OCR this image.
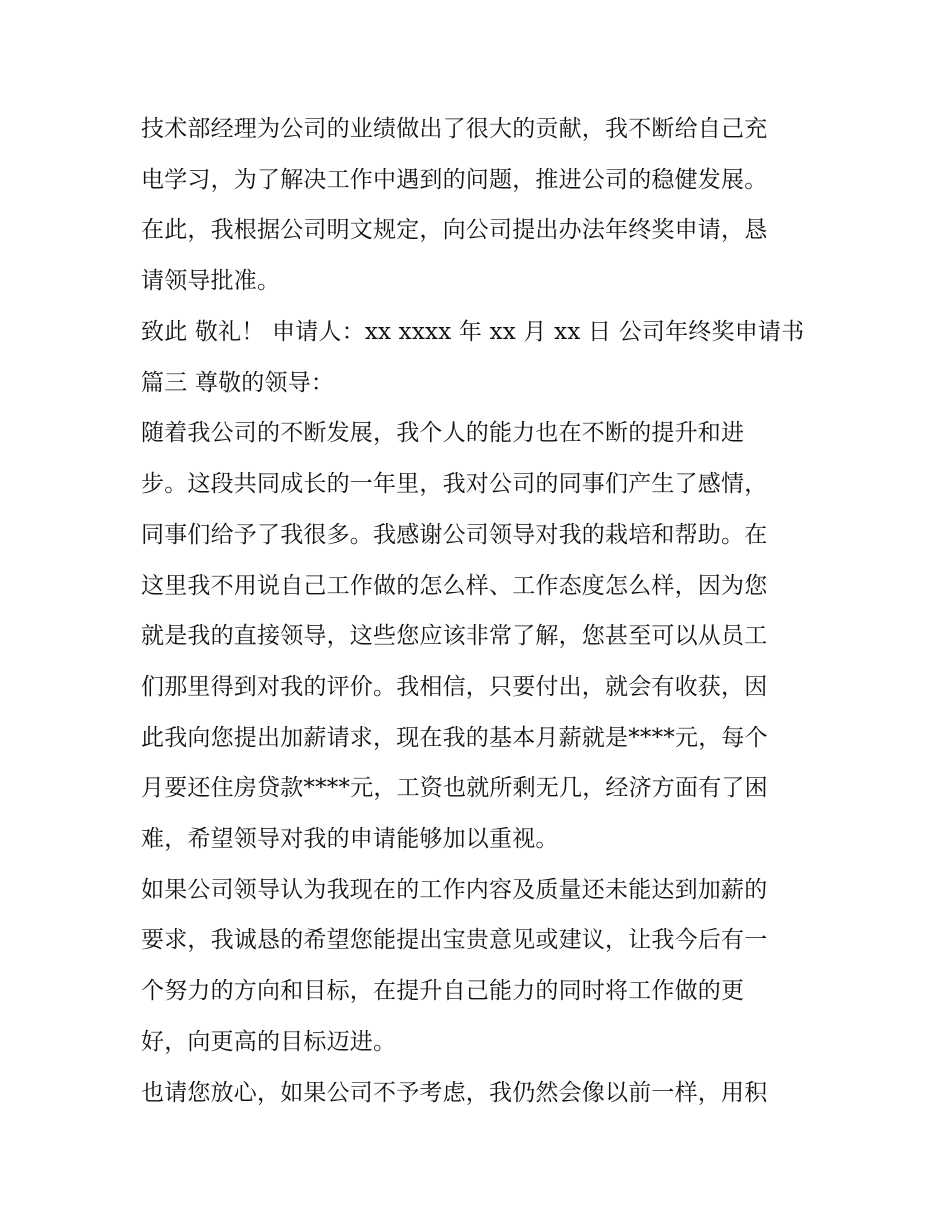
技术部经理为公司的业绩做出了很大的贡献，我不断给自己充
电学习，为了解决工作中遇到的问题，推进公司的稳健发展。
在此，我根据公司明文规定，向公司提出办法年终奖申请，恳
请领导批准。
致此 敬礼！ 申请人：xx xxxx 年 xx 月 xx 日 公司年终奖申请书
篇三 尊敬的领导：
随着我公司的不断发展，我个人的能力也在不断的提升和进
步。这段共同成长的一年里，我对公司的同事们产生了感情，
同事们给予了我很多。我感谢公司领导对我的栽培和帮助。在
这里我不用说自己工作做的怎么样、工作态度怎么样，因为您
就是我的直接领导，这些您应该非常了解，您甚至可以从员工
们那里得到对我的评价。我相信，只要付出，就会有收获，因
此我向您提出加薪请求，现在我的基本月薪就是****元，每个
月要还住房贷款****元，工资也就所剩无几，经济方面有了困
难，希望领导对我的申请能够加以重视。
如果公司领导认为我现在的工作内容及质量还未能达到加薪的
要求，我诚恳的希望您能提出宝贵意见或建议，让我今后有一
个努力的方向和目标，在提升自己能力的同时将工作做的更
好，向更高的目标迈进。
也请您放心，如果公司不予考虑，我仍然会像以前一样，用积
